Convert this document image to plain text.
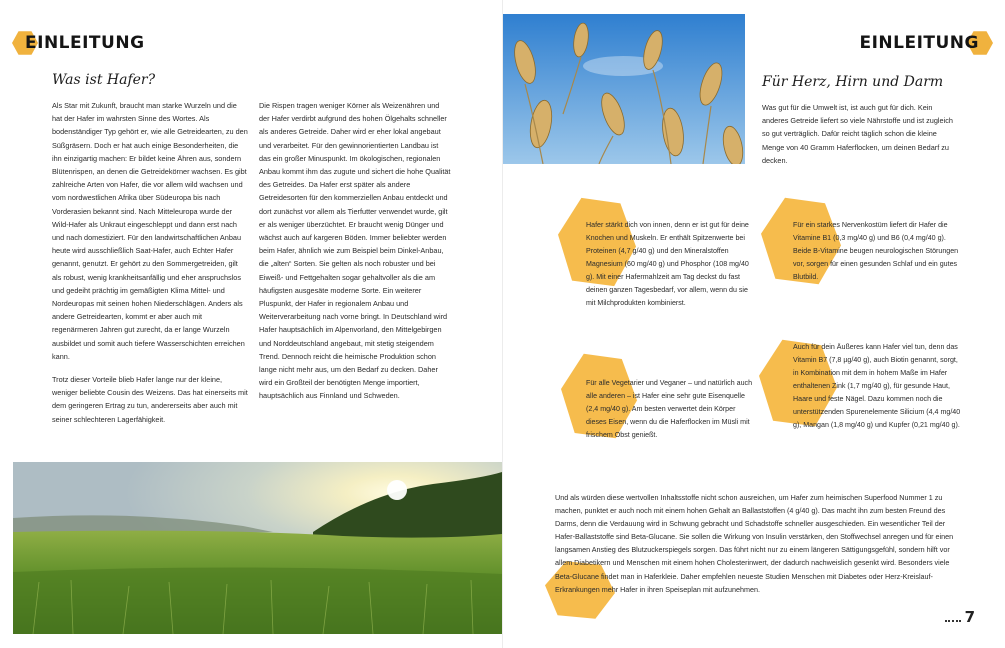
EINLEITUNG
Was ist Hafer?

Als Star mit Zukunft, braucht man starke Wurzeln und die hat der Hafer im wahrsten Sinne des Wortes. Als bodenständiger Typ gehört er, wie alle Getreidearten, zu den Süßgräsern. Doch er hat auch einige Besonderheiten, die ihn einzigartig machen: Er bildet keine Ähren aus, sondern Blütenrispen, an denen die Getreidekörner wachsen. Es gibt zahlreiche Arten von Hafer, die vor allem wild wachsen und vom nordwestlichen Afrika über Südeuropa bis nach Vorderasien bekannt sind. Nach Mitteleuropa wurde der Wild-Hafer als Unkraut eingeschleppt und dann erst nach und nach domestiziert. Für den landwirtschaftlichen Anbau heute wird ausschließlich Saat-Hafer, auch Echter Hafer genannt, genutzt. Er gehört zu den Sommergetreiden, gilt als robust, wenig krankheitsanfällig und eher anspruchslos und gedeiht prächtig im gemäßigten Klima Mittel- und Nordeuropas mit seinen hohen Niederschlägen. Anders als andere Getreidearten, kommt er aber auch mit regenärmeren Jahren gut zurecht, da er lange Wurzeln ausbildet und somit auch tiefere Wasserschichten erreichen kann.

Trotz dieser Vorteile blieb Hafer lange nur der kleine, weniger beliebte Cousin des Weizens. Das hat einerseits mit dem geringeren Ertrag zu tun, andererseits aber auch mit seiner schlechteren Lagerfähigkeit.

Die Rispen tragen weniger Körner als Weizenähren und der Hafer verdirbt aufgrund des hohen Ölgehalts schneller als anderes Getreide. Daher wird er eher lokal angebaut und verarbeitet. Für den gewinnorientierten Landbau ist das ein großer Minuspunkt. Im ökologischen, regionalen Anbau kommt ihm das zugute und sichert die hohe Qualität des Getreides. Da Hafer erst später als andere Getreidesorten für den kommerziellen Anbau entdeckt und dort zunächst vor allem als Tierfutter verwendet wurde, gilt er als weniger überzüchtet. Er braucht wenig Dünger und wächst auch auf kargeren Böden. Immer beliebter werden beim Hafer, ähnlich wie zum Beispiel beim Dinkel-Anbau, die „alten“ Sorten. Sie gelten als noch robuster und bei Eiweiß- und Fettgehalten sogar gehaltvoller als die am häufigsten ausgesäte moderne Sorte. Ein weiterer Pluspunkt, der Hafer in regionalem Anbau und Weiterverarbeitung nach vorne bringt. In Deutschland wird Hafer hauptsächlich im Alpenvorland, den Mittelgebirgen und Norddeutschland angebaut, mit stetig steigendem Trend. Dennoch reicht die heimische Produktion schon lange nicht mehr aus, um den Bedarf zu decken. Daher wird ein Großteil der benötigten Menge importiert, hauptsächlich aus Finnland und Schweden.

EINLEITUNG
Für Herz, Hirn und Darm
Was gut für die Umwelt ist, ist auch gut für dich. Kein anderes Getreide liefert so viele Nährstoffe und ist zugleich so gut verträglich. Dafür reicht täglich schon die kleine Menge von 40 Gramm Haferflocken, um deinen Bedarf zu decken.
Hafer stärkt dich von innen, denn er ist gut für deine Knochen und Muskeln. Er enthält Spitzenwerte bei Proteinen (4,7 g/40 g) und den Mineralstoffen Magnesium (60 mg/40 g) und Phosphor (108 mg/40 g). Mit einer Hafermahlzeit am Tag deckst du fast deinen ganzen Tagesbedarf, vor allem, wenn du sie mit Milchprodukten kombinierst.
Für ein starkes Nervenkostüm liefert dir Hafer die Vitamine B1 (0,3 mg/40 g) und B6 (0,4 mg/40 g). Beide B-Vitamine beugen neurologischen Störungen vor, sorgen für einen gesunden Schlaf und ein gutes Blutbild.
Für alle Vegetarier und Veganer – und natürlich auch alle anderen – ist Hafer eine sehr gute Eisenquelle (2,4 mg/40 g). Am besten verwertet dein Körper dieses Eisen, wenn du die Haferflocken im Müsli mit frischem Obst genießt.
Auch für dein Äußeres kann Hafer viel tun, denn das Vitamin B7 (7,8 µg/40 g), auch Biotin genannt, sorgt, in Kombination mit dem in hohem Maße im Hafer enthaltenen Zink (1,7 mg/40 g), für gesunde Haut, Haare und feste Nägel. Dazu kommen noch die unterstützenden Spurenelemente Silicium (4,4 mg/40 g), Mangan (1,8 mg/40 g) und Kupfer (0,21 mg/40 g).
Und als würden diese wertvollen Inhaltsstoffe nicht schon ausreichen, um Hafer zum heimischen Superfood Nummer 1 zu machen, punktet er auch noch mit einem hohen Gehalt an Ballaststoffen (4 g/40 g). Das macht ihn zum besten Freund des Darms, denn die Verdauung wird in Schwung gebracht und Schadstoffe schneller ausgeschieden. Ein wesentlicher Teil der Hafer-Ballaststoffe sind Beta-Glucane. Sie sollen die Wirkung von Insulin verstärken, den Stoffwechsel anregen und für einen langsamen Anstieg des Blutzuckerspiegels sorgen. Das führt nicht nur zu einem längeren Sättigungsgefühl, sondern hilft vor allem Diabetikern und Menschen mit einem hohen Cholesterinwert, der dadurch nachweislich gesenkt wird. Besonders viele Beta-Glucane findet man in Haferkleie. Daher empfehlen neueste Studien Menschen mit Diabetes oder Herz-Kreislauf-Erkrankungen mehr Hafer in ihren Speiseplan mit aufzunehmen.
7
